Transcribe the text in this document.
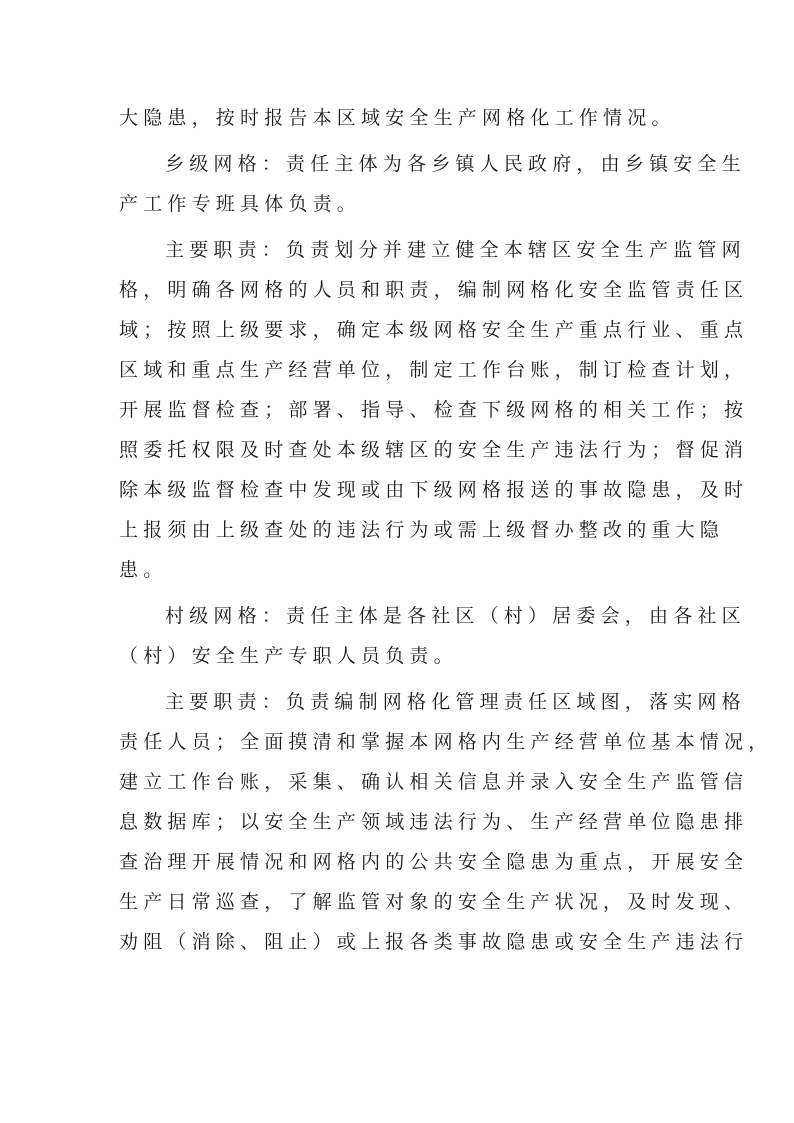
大隐患，按时报告本区域安全生产网格化工作情况。
乡级网格：责任主体为各乡镇人民政府，由乡镇安全生
产工作专班具体负责。
主要职责：负责划分并建立健全本辖区安全生产监管网
格，明确各网格的人员和职责，编制网格化安全监管责任区
域；按照上级要求，确定本级网格安全生产重点行业、重点
区域和重点生产经营单位，制定工作台账，制订检查计划，
开展监督检查；部署、指导、检查下级网格的相关工作；按
照委托权限及时查处本级辖区的安全生产违法行为；督促消
除本级监督检查中发现或由下级网格报送的事故隐患，及时
上报须由上级查处的违法行为或需上级督办整改的重大隐
患。
村级网格：责任主体是各社区（村）居委会，由各社区
（村）安全生产专职人员负责。
主要职责：负责编制网格化管理责任区域图，落实网格
责任人员；全面摸清和掌握本网格内生产经营单位基本情况，
建立工作台账，采集、确认相关信息并录入安全生产监管信
息数据库；以安全生产领域违法行为、生产经营单位隐患排
查治理开展情况和网格内的公共安全隐患为重点，开展安全
生产日常巡查，了解监管对象的安全生产状况，及时发现、
劝阻（消除、阻止）或上报各类事故隐患或安全生产违法行
